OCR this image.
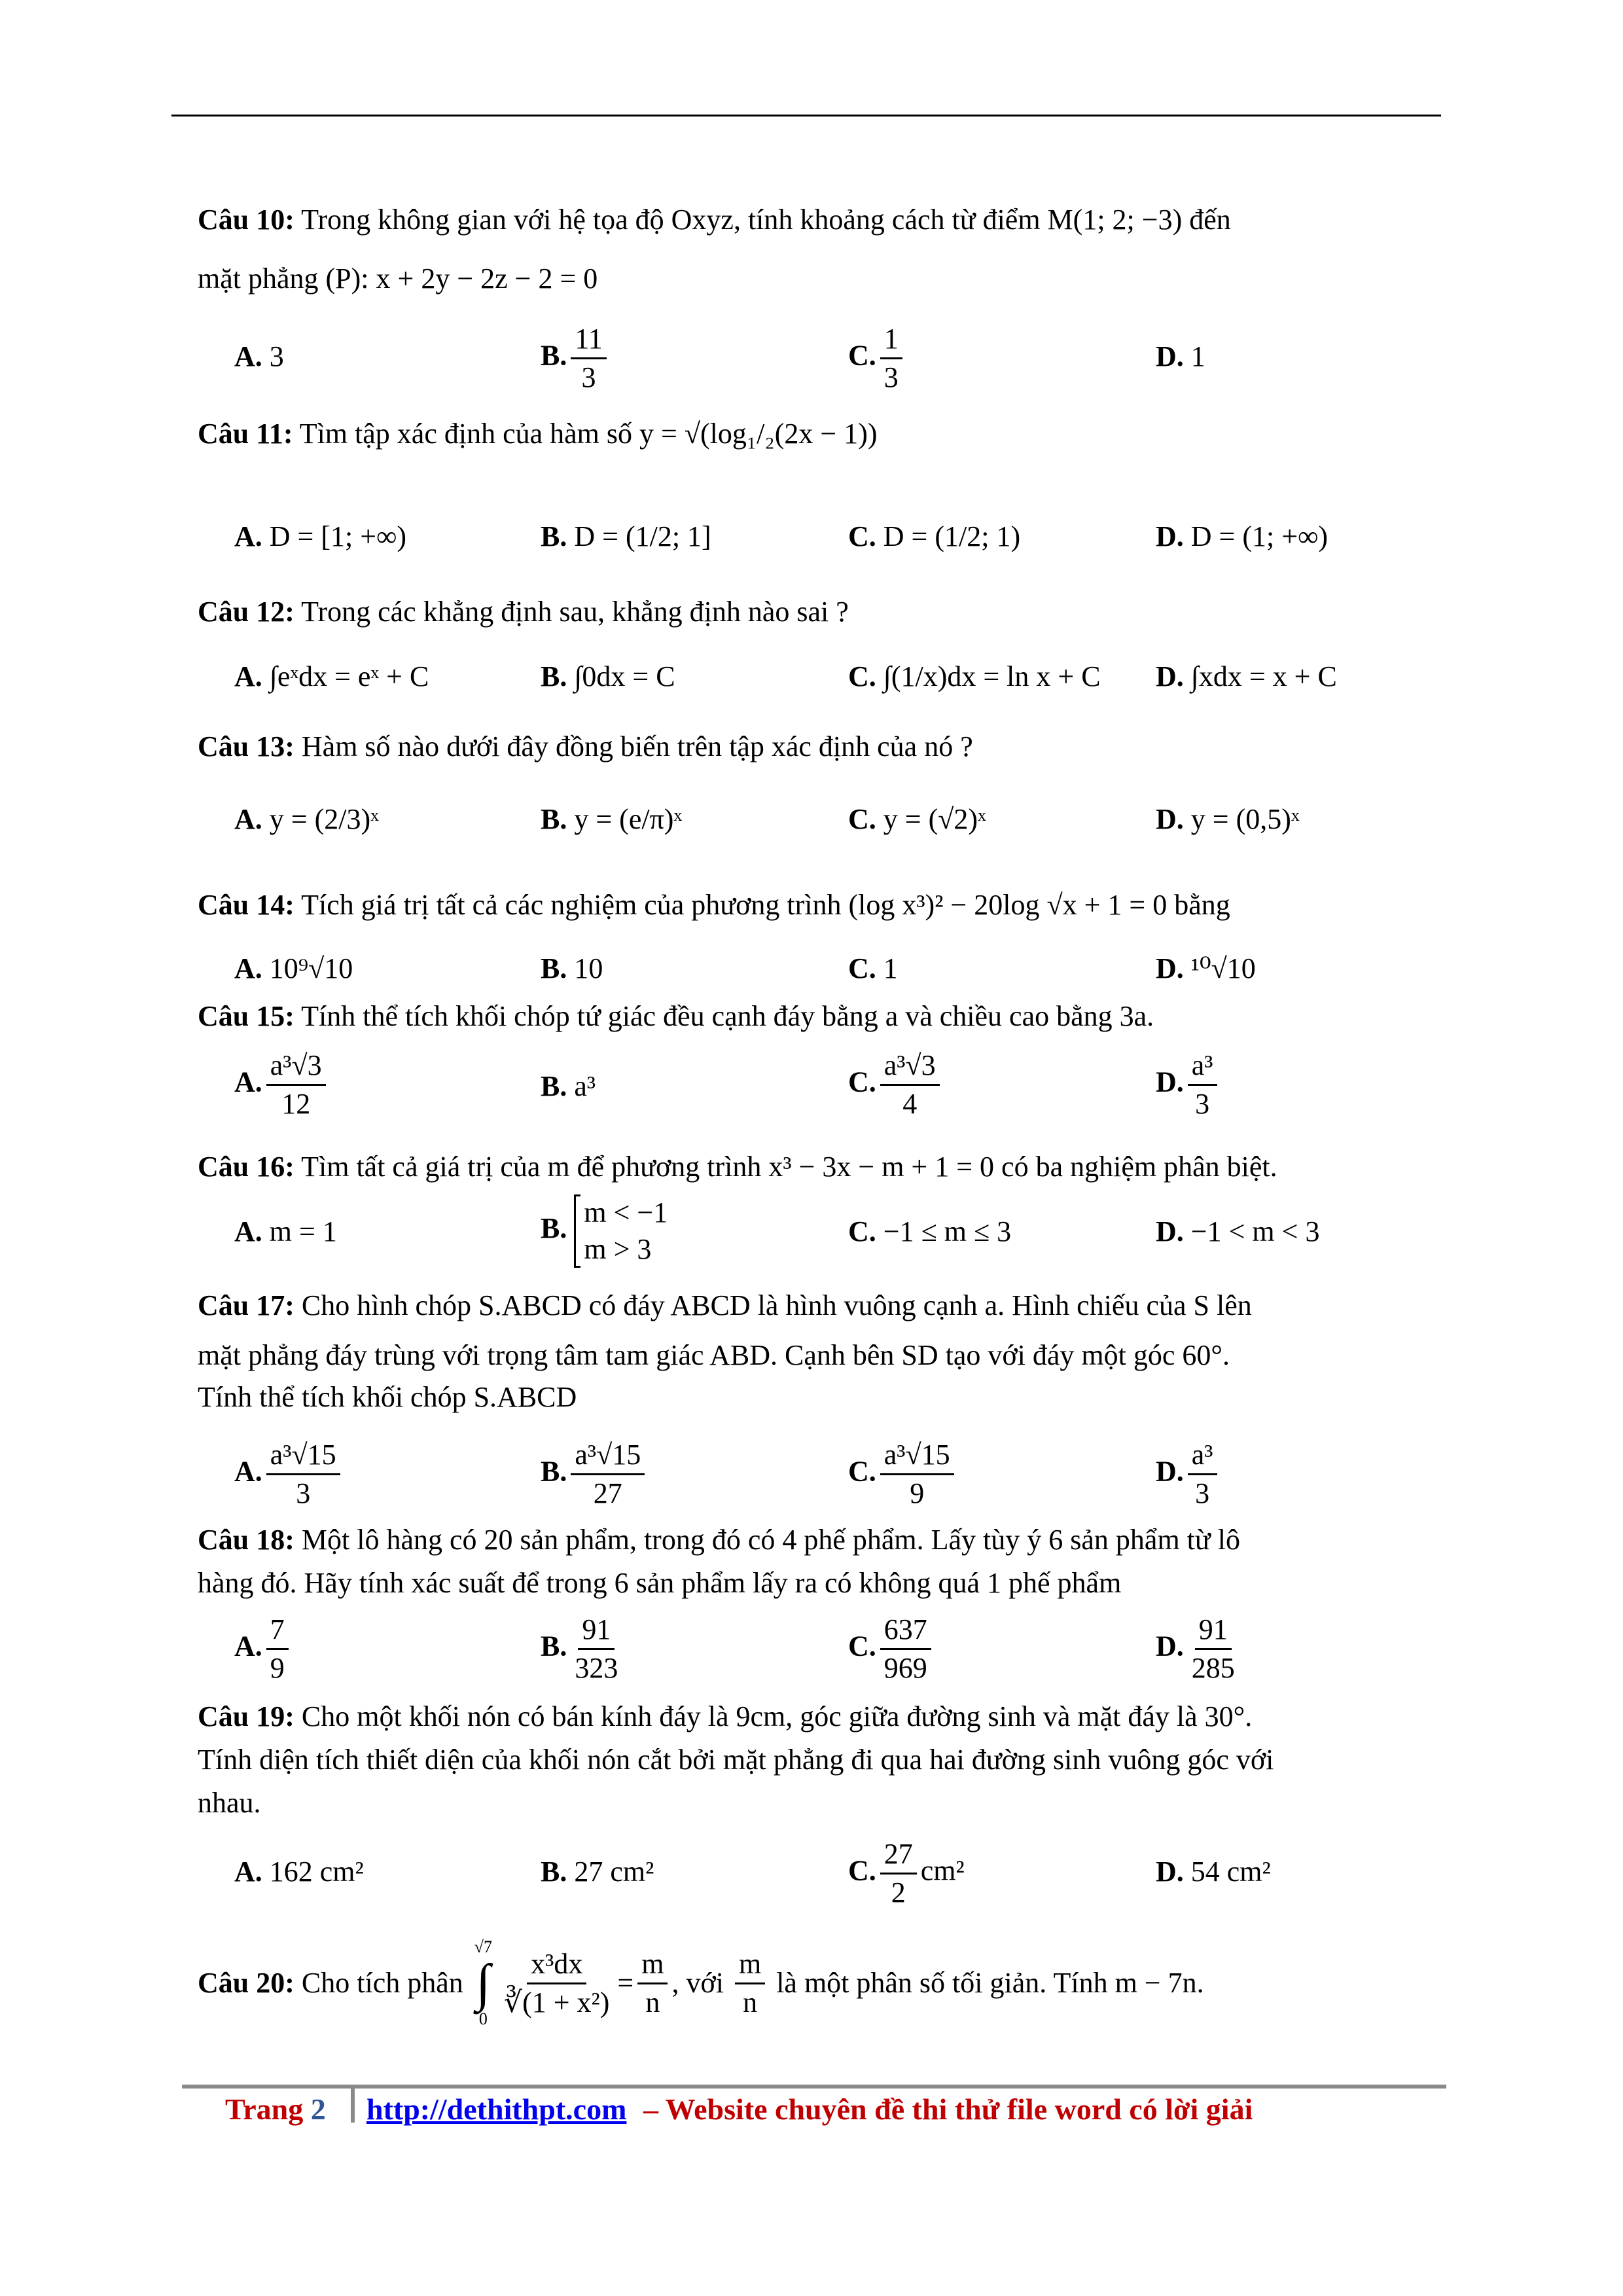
Câu 10: Trong không gian với hệ tọa độ Oxyz, tính khoảng cách từ điểm M(1; 2; −3) đến
mặt phẳng (P): x + 2y − 2z − 2 = 0
A. 3	B. $\frac{11}{3}$	C. $\frac{1}{3}$	D. 1
Câu 11: Tìm tập xác định của hàm số y = √(log₁/₂(2x − 1))
A. D = [1; +∞)	B. D = (1/2; 1]	C. D = (1/2; 1)	D. D = (1; +∞)
Câu 12: Trong các khẳng định sau, khẳng định nào sai ?
A. ∫eˣdx = eˣ + C	B. ∫0dx = C	C. ∫(1/x)dx = ln x + C D. ∫xdx = x + C
Câu 13: Hàm số nào dưới đây đồng biến trên tập xác định của nó ?
A. y = (2/3)ˣ	B. y = (e/π)ˣ	C. y = (√2)ˣ	D. y = (0,5)ˣ
Câu 14: Tích giá trị tất cả các nghiệm của phương trình (log x³)² − 20log √x + 1 = 0 bằng
A. 10⁹√10	B. 10	C. 1	D. ¹⁰√10
Câu 15: Tính thể tích khối chóp tứ giác đều cạnh đáy bằng a và chiều cao bằng 3a.
A. $\frac{\text{a³√3}}{12}$	B. a³	C. $\frac{\text{a³√3}}{4}$	D. $\frac{\text{a³}}{3}$
Câu 16: Tìm tất cả giá trị của m để phương trình x³ − 3x − m + 1 = 0 có ba nghiệm phân biệt.
A. m = 1	B. m < −1
m > 3
C. −1 ≤ m ≤ 3	D. −1 < m < 3
Câu 17: Cho hình chóp S.ABCD có đáy ABCD là hình vuông cạnh a. Hình chiếu của S lên
mặt phẳng đáy trùng với trọng tâm tam giác ABD. Cạnh bên SD tạo với đáy một góc 60°.
Tính thể tích khối chóp S.ABCD
A. $\frac{\text{a³√15}}{3}$	B. $\frac{\text{a³√15}}{27}$	C. $\frac{\text{a³√15}}{9}$	D. $\frac{\text{a³}}{3}$
Câu 18: Một lô hàng có 20 sản phẩm, trong đó có 4 phế phẩm. Lấy tùy ý 6 sản phẩm từ lô
hàng đó. Hãy tính xác suất để trong 6 sản phẩm lấy ra có không quá 1 phế phẩm
A. $\frac{7}{9}$	B. $\frac{91}{323}$	C. $\frac{637}{969}$	D. $\frac{91}{285}$
Câu 19: Cho một khối nón có bán kính đáy là 9cm, góc giữa đường sinh và mặt đáy là 30°.
Tính diện tích thiết diện của khối nón cắt bởi mặt phẳng đi qua hai đường sinh vuông góc với
nhau.
A. 162 cm²	B. 27 cm²	C. $\frac{27}{2} cm^2$	D. 54 cm²
Câu 20:
Cho tích phân

√7
∫
$0 \frac{\text{x³dx}}{\text{∛(1 + x²)}} = \frac{m}{n}$ , với
$\frac{m}{n}$
là một phân số tối giản. Tính m − 7n.
Trang 2 http://dethithpt.com – Website chuyên đề thi thử file word có lời giải
